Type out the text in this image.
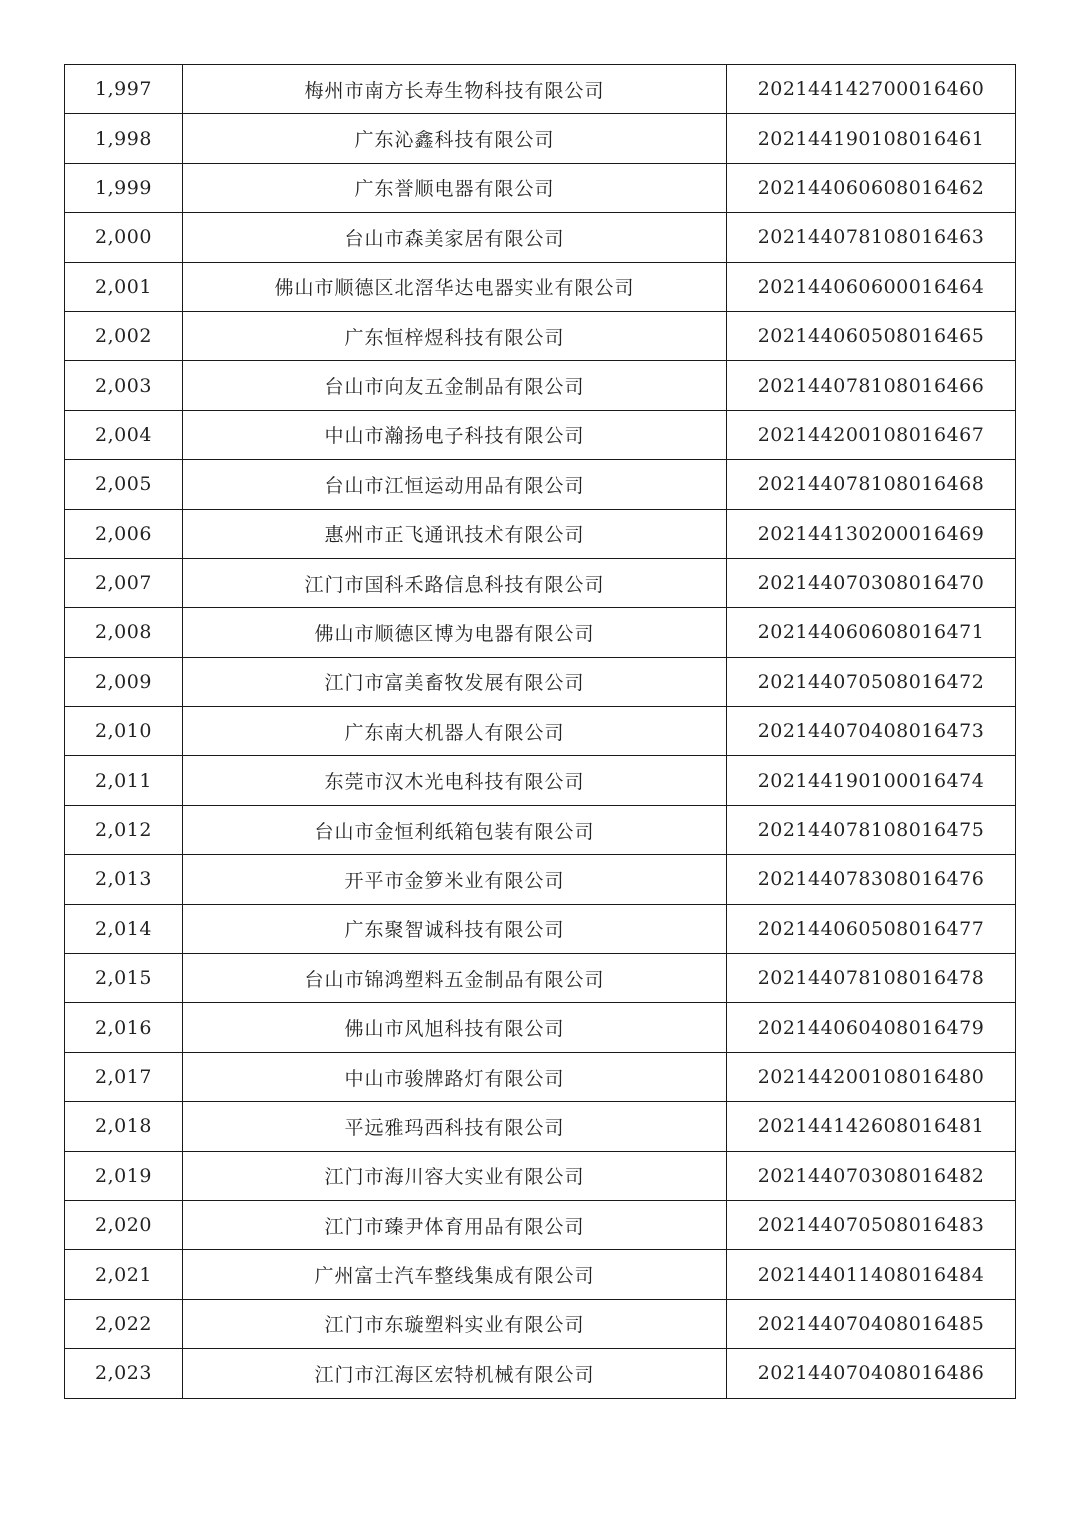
1,997	梅州市南方长寿生物科技有限公司	202144142700016460
1,998	广东沁鑫科技有限公司	202144190108016461
1,999	广东誉顺电器有限公司	202144060608016462
2,000	台山市森美家居有限公司	202144078108016463
2,001	佛山市顺德区北滘华达电器实业有限公司	202144060600016464
2,002	广东恒梓煜科技有限公司	202144060508016465
2,003	台山市向友五金制品有限公司	202144078108016466
2,004	中山市瀚扬电子科技有限公司	202144200108016467
2,005	台山市江恒运动用品有限公司	202144078108016468
2,006	惠州市正飞通讯技术有限公司	202144130200016469
2,007	江门市国科禾路信息科技有限公司	202144070308016470
2,008	佛山市顺德区博为电器有限公司	202144060608016471
2,009	江门市富美畜牧发展有限公司	202144070508016472
2,010	广东南大机器人有限公司	202144070408016473
2,011	东莞市汉木光电科技有限公司	202144190100016474
2,012	台山市金恒利纸箱包装有限公司	202144078108016475
2,013	开平市金箩米业有限公司	202144078308016476
2,014	广东聚智诚科技有限公司	202144060508016477
2,015	台山市锦鸿塑料五金制品有限公司	202144078108016478
2,016	佛山市风旭科技有限公司	202144060408016479
2,017	中山市骏牌路灯有限公司	202144200108016480
2,018	平远雅玛西科技有限公司	202144142608016481
2,019	江门市海川容大实业有限公司	202144070308016482
2,020	江门市臻尹体育用品有限公司	202144070508016483
2,021	广州富士汽车整线集成有限公司	202144011408016484
2,022	江门市东璇塑料实业有限公司	202144070408016485
2,023	江门市江海区宏特机械有限公司	202144070408016486
